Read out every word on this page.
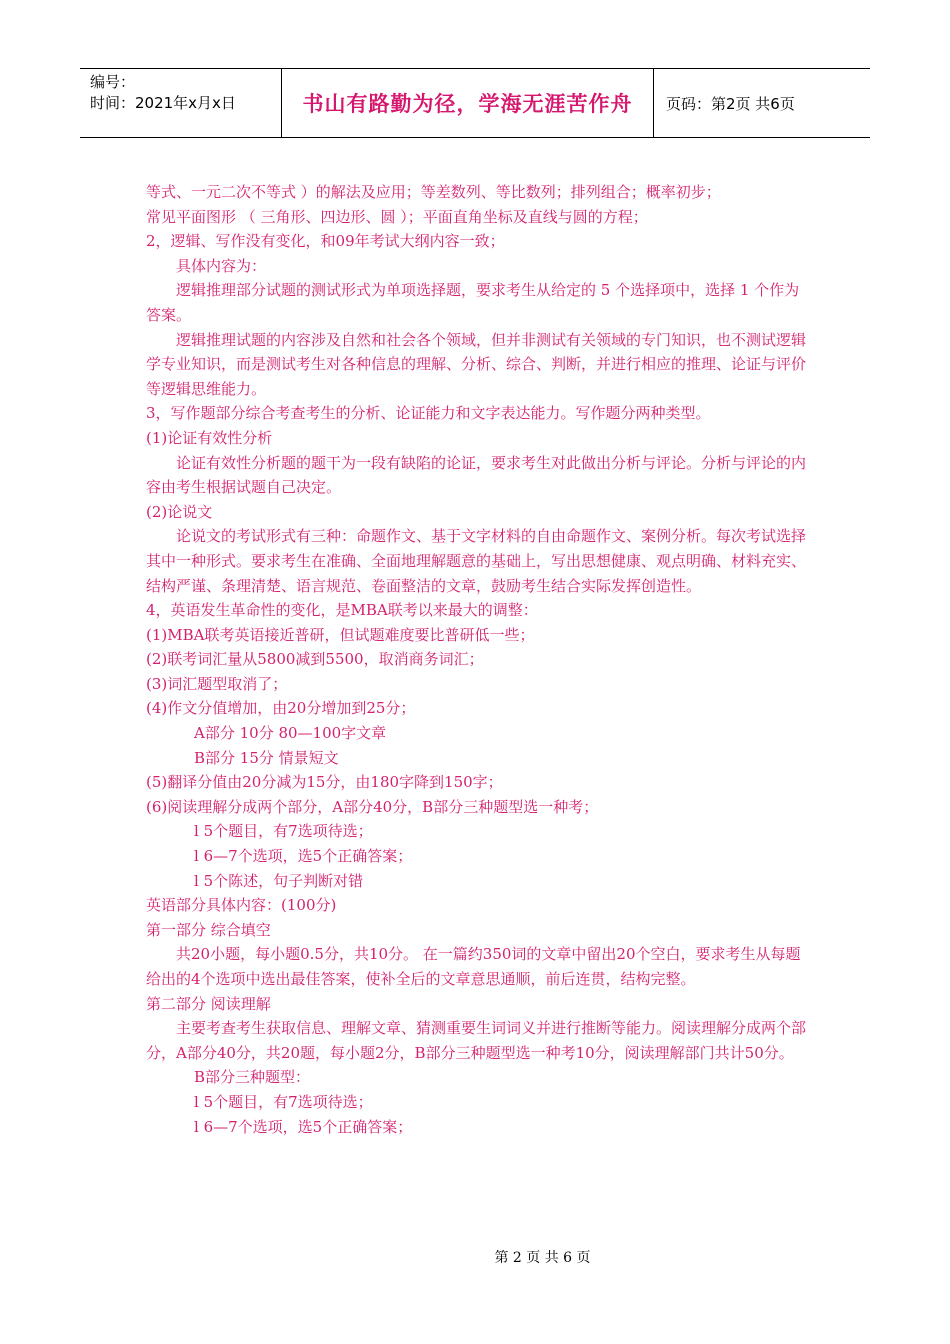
编号：
时间：2021年x月x日	书山有路勤为径，学海无涯苦作舟	页码：第2页 共6页

等式、一元二次不等式 ）的解法及应用；等差数列、等比数列；排列组合；概率初步；

常见平面图形 （ 三角形、四边形、圆 ）；平面直角坐标及直线与圆的方程；

2，逻辑、写作没有变化，和09年考试大纲内容一致；

具体内容为：

逻辑推理部分试题的测试形式为单项选择题，要求考生从给定的 5 个选择项中，选择 1 个作为答案。

逻辑推理试题的内容涉及自然和社会各个领域，但并非测试有关领域的专门知识，也不测试逻辑学专业知识，而是测试考生对各种信息的理解、分析、综合、判断，并进行相应的推理、论证与评价等逻辑思维能力。

3，写作题部分综合考查考生的分析、论证能力和文字表达能力。写作题分两种类型。

(1)论证有效性分析

论证有效性分析题的题干为一段有缺陷的论证，要求考生对此做出分析与评论。分析与评论的内容由考生根据试题自己决定。

(2)论说文

论说文的考试形式有三种：命题作文、基于文字材料的自由命题作文、案例分析。每次考试选择其中一种形式。要求考生在准确、全面地理解题意的基础上，写出思想健康、观点明确、材料充实、结构严谨、条理清楚、语言规范、卷面整洁的文章，鼓励考生结合实际发挥创造性。

4，英语发生革命性的变化，是MBA联考以来最大的调整：

(1)MBA联考英语接近普研，但试题难度要比普研低一些；

(2)联考词汇量从5800减到5500，取消商务词汇；

(3)词汇题型取消了；

(4)作文分值增加，由20分增加到25分；

A部分 10分 80—100字文章

B部分 15分 情景短文

(5)翻译分值由20分减为15分，由180字降到150字；

(6)阅读理解分成两个部分，A部分40分，B部分三种题型选一种考；

l 5个题目，有7选项待选；

l 6—7个选项，选5个正确答案；

l 5个陈述，句子判断对错

英语部分具体内容：(100分)

第一部分 综合填空

共20小题，每小题0.5分，共10分。 在一篇约350词的文章中留出20个空白，要求考生从每题给出的4个选项中选出最佳答案，使补全后的文章意思通顺，前后连贯，结构完整。

第二部分 阅读理解

主要考查考生获取信息、理解文章、猜测重要生词词义并进行推断等能力。阅读理解分成两个部分，A部分40分，共20题，每小题2分，B部分三种题型选一种考10分，阅读理解部门共计50分。

B部分三种题型：

l 5个题目，有7选项待选；

l 6—7个选项，选5个正确答案；

第 2 页 共 6 页
